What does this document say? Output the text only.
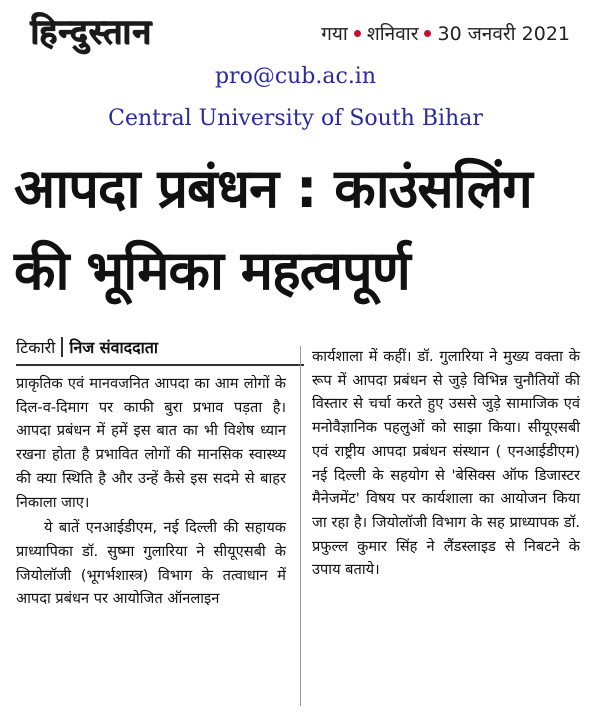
हिन्दुस्तान	गया शनिवार 30 जनवरी 2021
pro@cub.ac.in
Central University of South Bihar
आपदा प्रबंधन : काउंसलिंग
की भूमिका महत्वपूर्ण
टिकारी निज संवाददाता

प्राकृतिक एवं मानवजनित आपदा का आम लोगों के दिल-व-दिमाग पर काफी बुरा प्रभाव पड़ता है। आपदा प्रबंधन में हमें इस बात का भी विशेष ध्यान रखना होता है प्रभावित लोगों की मानसिक स्वास्थ्य की क्या स्थिति है और उन्हें कैसे इस सदमे से बाहर निकाला जाए।

ये बातें एनआईडीएम, नई दिल्ली की सहायक प्राध्यापिका डॉ. सुष्मा गुलारिया ने सीयूएसबी के जियोलॉजी (भूगर्भशास्त्र) विभाग के तत्वाधान में आपदा प्रबंधन पर आयोजित ऑनलाइन

कार्यशाला में कहीं। डॉ. गुलारिया ने मुख्य वक्ता के रूप में आपदा प्रबंधन से जुड़े विभिन्न चुनौतियों की विस्तार से चर्चा करते हुए उससे जुड़े सामाजिक एवं मनोवैज्ञानिक पहलुओं को साझा किया। सीयूएसबी एवं राष्ट्रीय आपदा प्रबंधन संस्थान ( एनआईडीएम) नई दिल्ली के सहयोग से 'बेसिक्स ऑफ डिजास्टर मैनेजमेंट' विषय पर कार्यशाला का आयोजन किया जा रहा है। जियोलॉजी विभाग के सह प्राध्यापक डॉ. प्रफुल्ल कुमार सिंह ने लैंडस्लाइड से निबटने के उपाय बताये।
